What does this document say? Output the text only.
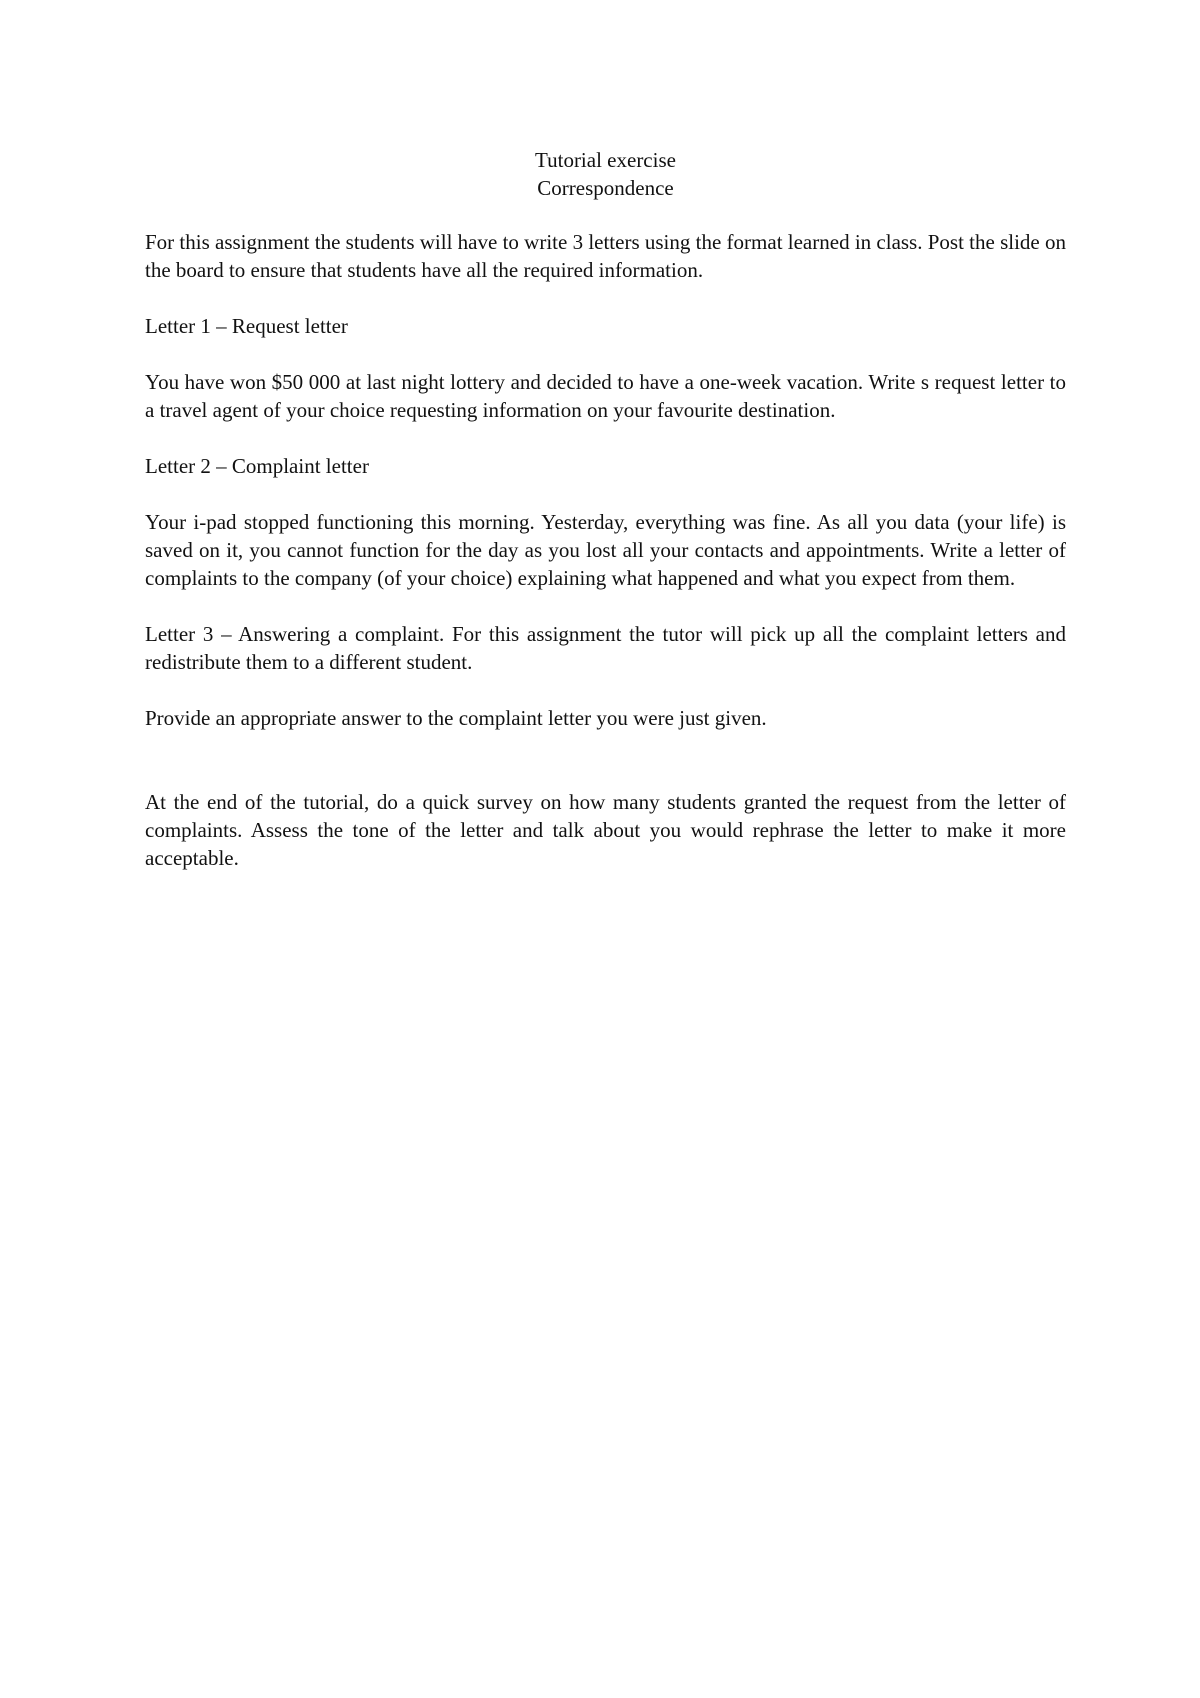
Tutorial exercise
Correspondence

For this assignment the students will have to write 3 letters using the format learned in class. Post the slide on the board to ensure that students have all the required information.

Letter 1 – Request letter

You have won $50 000 at last night lottery and decided to have a one-week vacation. Write s request letter to a travel agent of your choice requesting information on your favourite destination.

Letter 2 – Complaint letter

Your i-pad stopped functioning this morning. Yesterday, everything was fine. As all you data (your life) is saved on it, you cannot function for the day as you lost all your contacts and appointments. Write a letter of complaints to the company (of your choice) explaining what happened and what you expect from them.

Letter 3 – Answering a complaint. For this assignment the tutor will pick up all the complaint letters and redistribute them to a different student.

Provide an appropriate answer to the complaint letter you were just given.

At the end of the tutorial, do a quick survey on how many students granted the request from the letter of complaints. Assess the tone of the letter and talk about you would rephrase the letter to make it more acceptable.
